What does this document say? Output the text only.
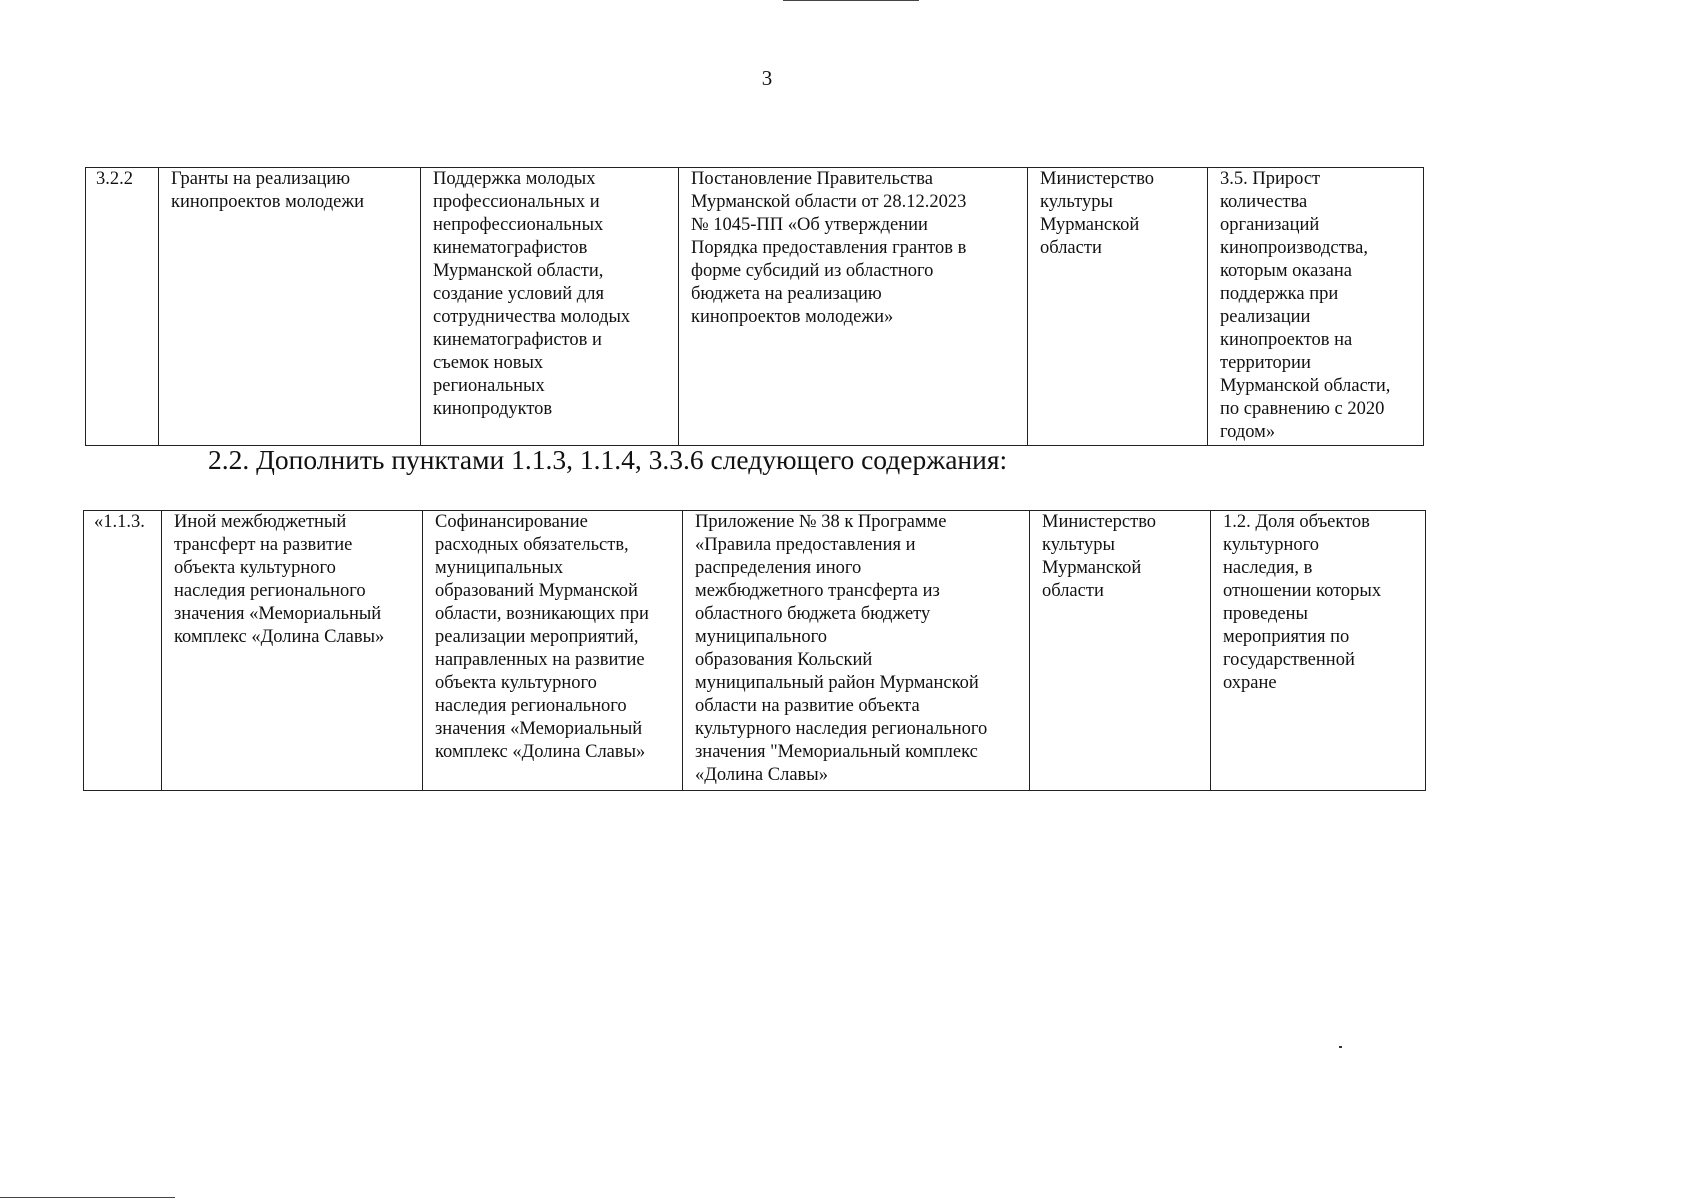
3
3.2.2	Гранты на реализацию
кинопроектов молодежи	Поддержка молодых
профессиональных и
непрофессиональных
кинематографистов
Мурманской области,
создание условий для
сотрудничества молодых
кинематографистов и
съемок новых
региональных
кинопродуктов	Постановление Правительства
Мурманской области от 28.12.2023
№ 1045-ПП «Об утверждении
Порядка предоставления грантов в
форме субсидий из областного
бюджета на реализацию
кинопроектов молодежи»	Министерство
культуры
Мурманской
области	3.5. Прирост
количества
организаций
кинопроизводства,
которым оказана
поддержка при
реализации
кинопроектов на
территории
Мурманской области,
по сравнению с 2020
годом»
2.2. Дополнить пунктами 1.1.3, 1.1.4, 3.3.6 следующего содержания:
«1.1.3.	Иной межбюджетный
трансферт на развитие
объекта культурного
наследия регионального
значения «Мемориальный
комплекс «Долина Славы»	Софинансирование
расходных обязательств,
муниципальных
образований Мурманской
области, возникающих при
реализации мероприятий,
направленных на развитие
объекта культурного
наследия регионального
значения «Мемориальный
комплекс «Долина Славы»	Приложение № 38 к Программе
«Правила предоставления и
распределения иного
межбюджетного трансферта из
областного бюджета бюджету
муниципального
образования Кольский
муниципальный район Мурманской
области на развитие объекта
культурного наследия регионального
значения "Мемориальный комплекс
«Долина Славы»	Министерство
культуры
Мурманской
области	1.2. Доля объектов
культурного
наследия, в
отношении которых
проведены
мероприятия по
государственной
охране
